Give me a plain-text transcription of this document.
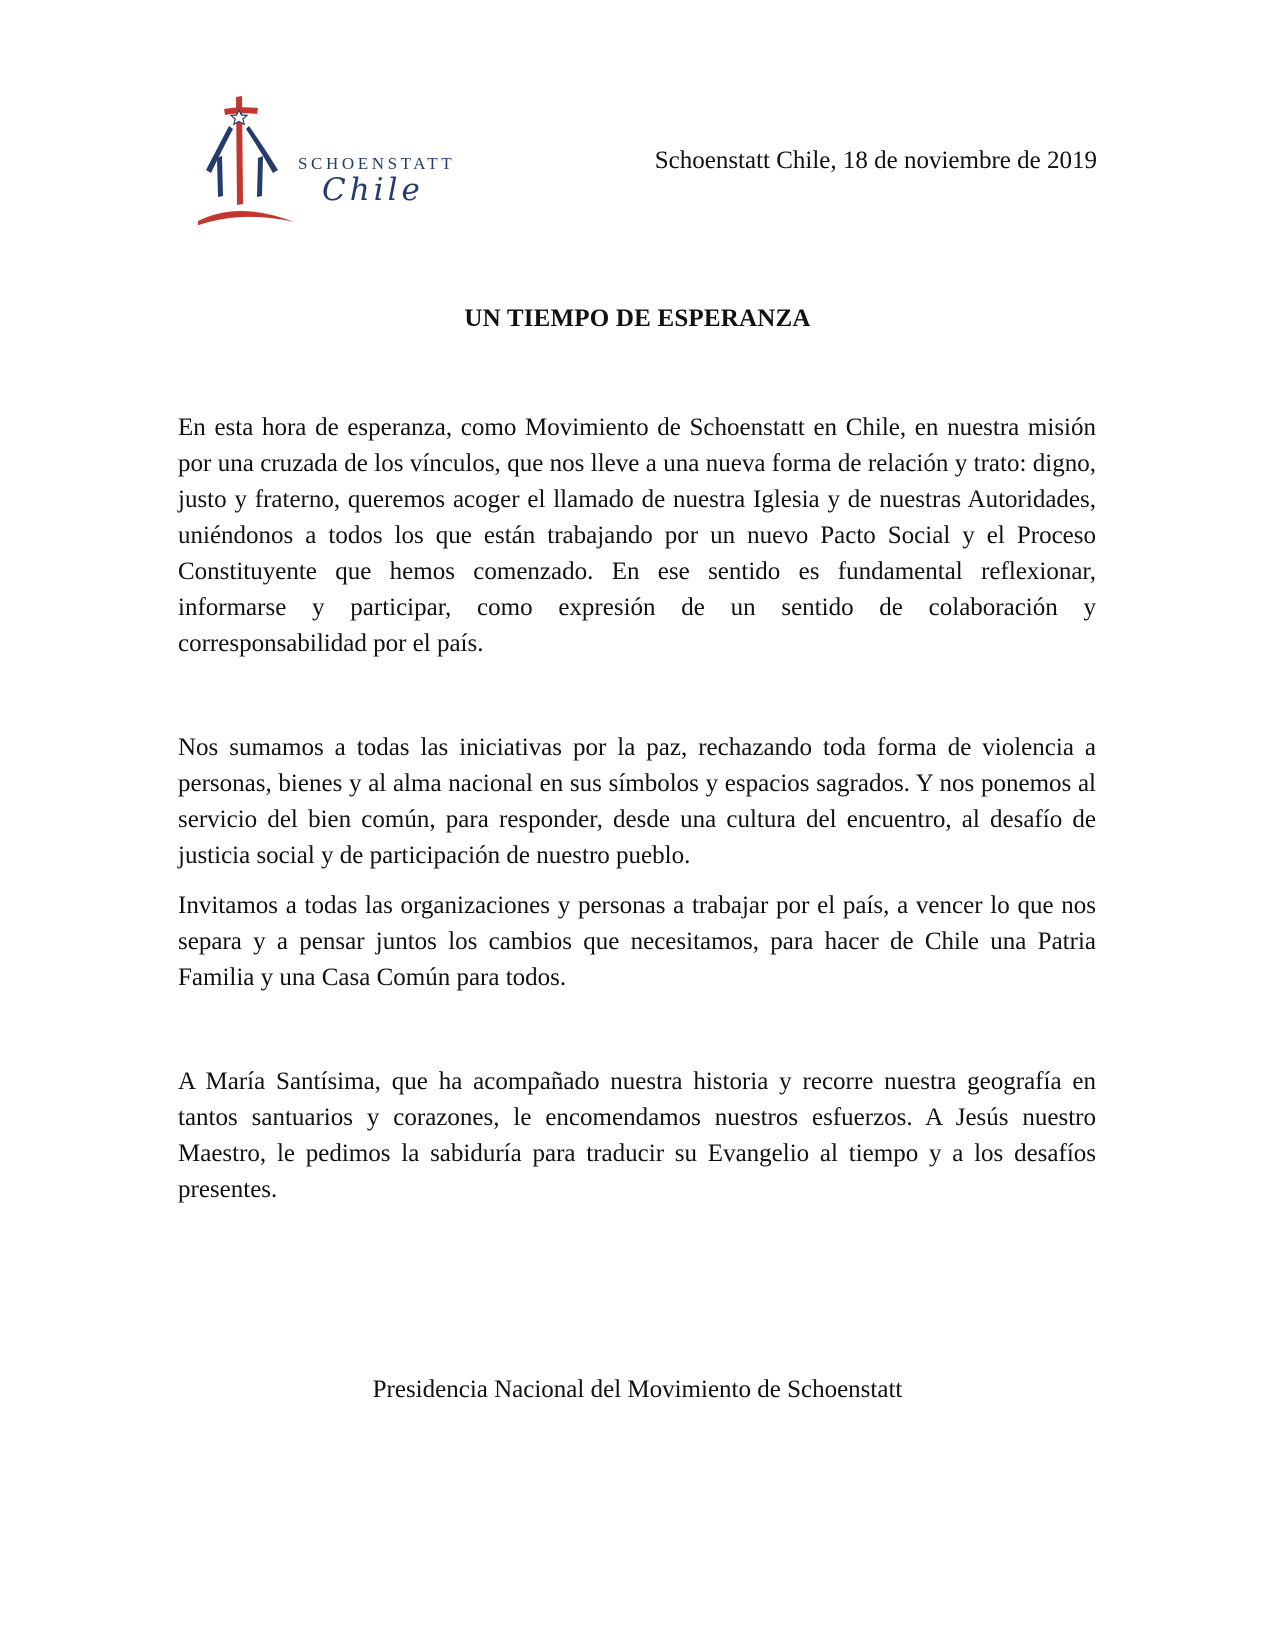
SCHOENSTATT
Chile
Schoenstatt Chile, 18 de noviembre de 2019
UN TIEMPO DE ESPERANZA

En esta hora de esperanza, como Movimiento de Schoenstatt en Chile, en nuestra misión por una cruzada de los vínculos, que nos lleve a una nueva forma de relación y trato: digno, justo y fraterno, queremos acoger el llamado de nuestra Iglesia y de nuestras Autoridades, uniéndonos a todos los que están trabajando por un nuevo Pacto Social y el Proceso Constituyente que hemos comenzado. En ese sentido es fundamental reflexionar, informarse y participar, como expresión de un sentido de colaboración y corresponsabilidad por el país.

Nos sumamos a todas las iniciativas por la paz, rechazando toda forma de violencia a personas, bienes y al alma nacional en sus símbolos y espacios sagrados. Y nos ponemos al servicio del bien común, para responder, desde una cultura del encuentro, al desafío de justicia social y de participación de nuestro pueblo.

Invitamos a todas las organizaciones y personas a trabajar por el país, a vencer lo que nos separa y a pensar juntos los cambios que necesitamos, para hacer de Chile una Patria Familia y una Casa Común para todos.

A María Santísima, que ha acompañado nuestra historia y recorre nuestra geografía en tantos santuarios y corazones, le encomendamos nuestros esfuerzos. A Jesús nuestro Maestro, le pedimos la sabiduría para traducir su Evangelio al tiempo y a los desafíos presentes.

Presidencia Nacional del Movimiento de Schoenstatt
